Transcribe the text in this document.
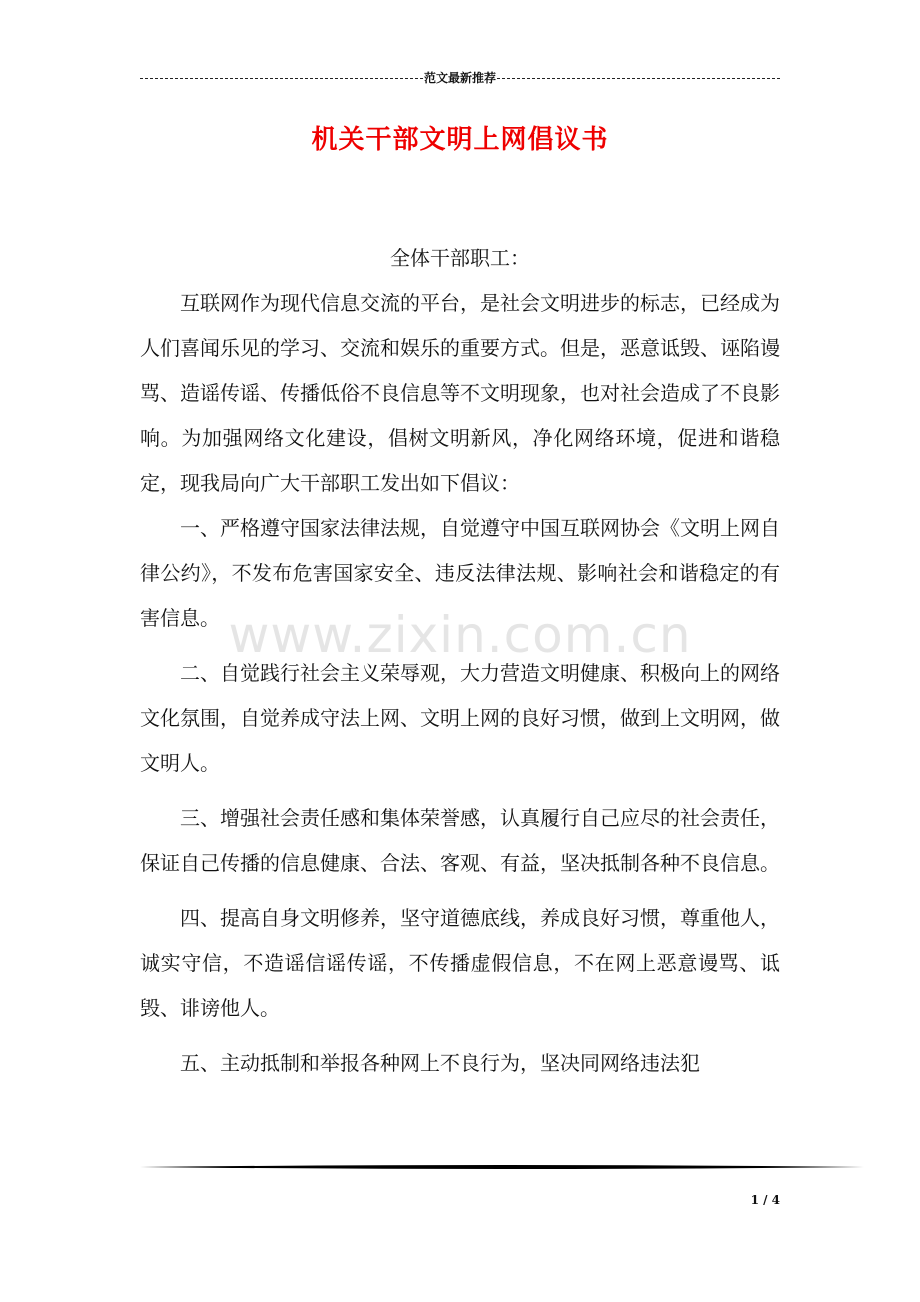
范文最新推荐
机关干部文明上网倡议书
全体干部职工：

互联网作为现代信息交流的平台，是社会文明进步的标志，已经成为人们喜闻乐见的学习、交流和娱乐的重要方式。但是，恶意诋毁、诬陷谩骂、造谣传谣、传播低俗不良信息等不文明现象，也对社会造成了不良影响。为加强网络文化建设，倡树文明新风，净化网络环境，促进和谐稳定，现我局向广大干部职工发出如下倡议：

一、严格遵守国家法律法规，自觉遵守中国互联网协会《文明上网自律公约》，不发布危害国家安全、违反法律法规、影响社会和谐稳定的有害信息。

二、自觉践行社会主义荣辱观，大力营造文明健康、积极向上的网络文化氛围，自觉养成守法上网、文明上网的良好习惯，做到上文明网，做文明人。

三、增强社会责任感和集体荣誉感，认真履行自己应尽的社会责任，保证自己传播的信息健康、合法、客观、有益，坚决抵制各种不良信息。

四、提高自身文明修养，坚守道德底线，养成良好习惯，尊重他人，诚实守信，不造谣信谣传谣，不传播虚假信息，不在网上恶意谩骂、诋毁、诽谤他人。

五、主动抵制和举报各种网上不良行为，坚决同网络违法犯

www.zixin.com.cn
1 / 4
